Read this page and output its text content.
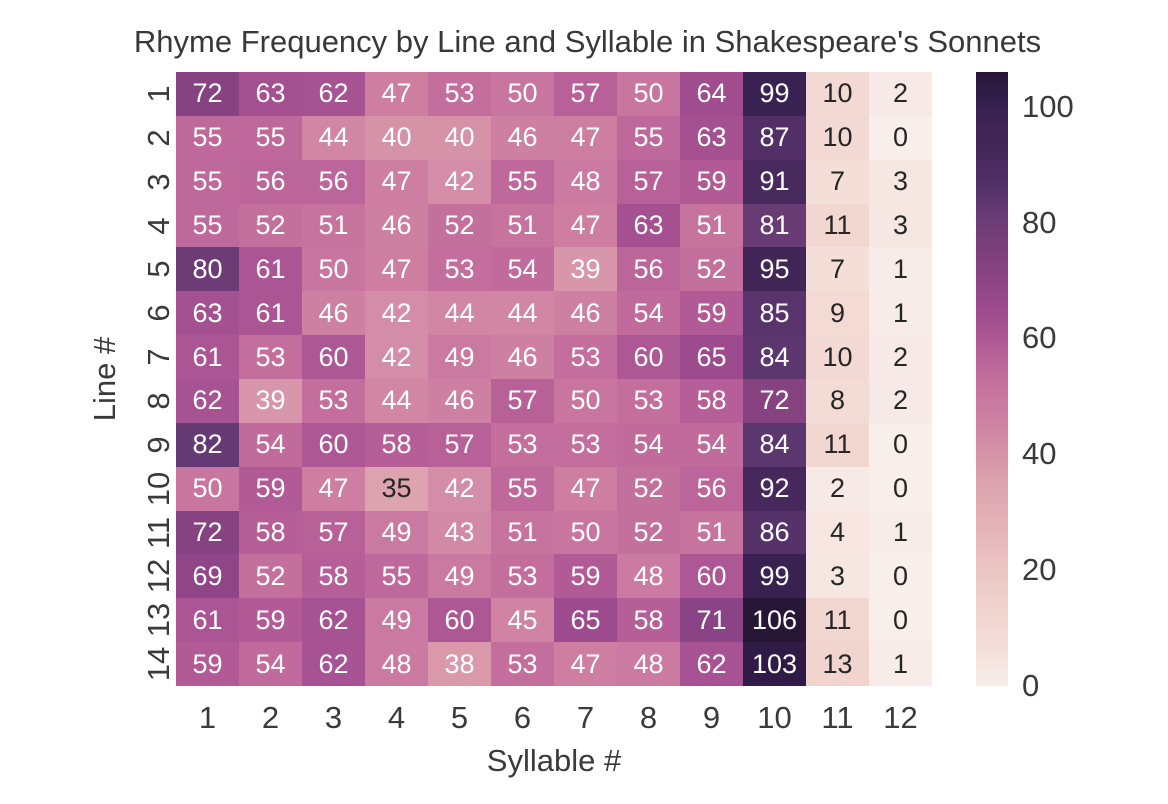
Rhyme Frequency by Line and Syllable in Shakespeare's Sonnets
72	63	62	47	53	50	57	50	64	99	10	2
55	55	44	40	40	46	47	55	63	87	10	0
55	56	56	47	42	55	48	57	59	91	7	3
55	52	51	46	52	51	47	63	51	81	11	3
80	61	50	47	53	54	39	56	52	95	7	1
63	61	46	42	44	44	46	54	59	85	9	1
61	53	60	42	49	46	53	60	65	84	10	2
62	39	53	44	46	57	50	53	58	72	8	2
82	54	60	58	57	53	53	54	54	84	11	0
50	59	47	35	42	55	47	52	56	92	2	0
72	58	57	49	43	51	50	52	51	86	4	1
69	52	58	55	49	53	59	48	60	99	3	0
61	59	62	49	60	45	65	58	71 106 11	0
59	54	62	48	38	53	47	48	62 103 13	1
1	2	3	4	5	6	7	8	9	10 11 12
1
2
3
4
5
6
7
8
9
10
11
12
13
14
Syllable #
Line #
0
20
40
60
80
100
